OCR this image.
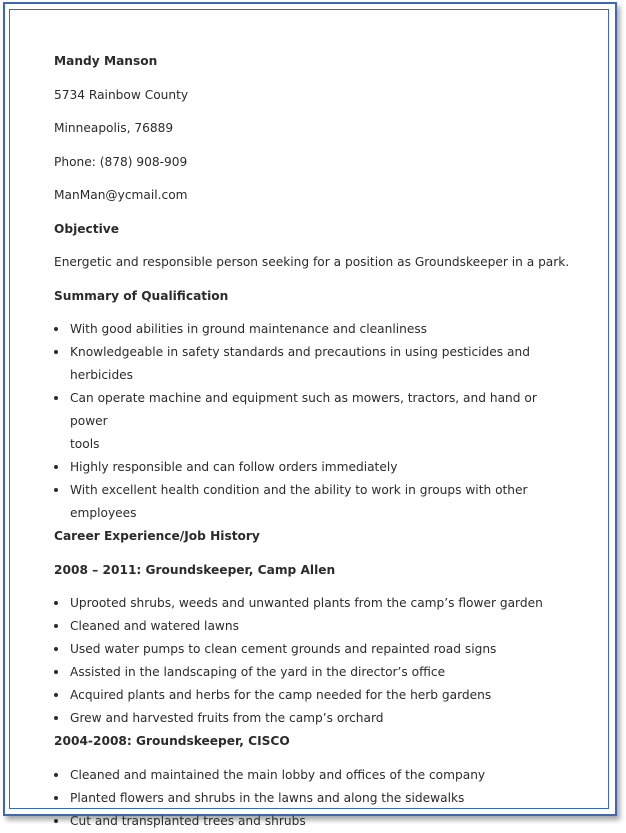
Mandy Manson
5734 Rainbow County
Minneapolis, 76889
Phone: (878) 908-909
ManMan@ycmail.com
Objective
Energetic and responsible person seeking for a position as Groundskeeper in a park.
Summary of Qualification
With good abilities in ground maintenance and cleanliness
Knowledgeable in safety standards and precautions in using pesticides and herbicides
Can operate machine and equipment such as mowers, tractors, and hand or power
tools
Highly responsible and can follow orders immediately
With excellent health condition and the ability to work in groups with other employees
Career Experience/Job History
2008 – 2011: Groundskeeper, Camp Allen
Uprooted shrubs, weeds and unwanted plants from the camp’s flower garden
Cleaned and watered lawns
Used water pumps to clean cement grounds and repainted road signs
Assisted in the landscaping of the yard in the director’s office
Acquired plants and herbs for the camp needed for the herb gardens
Grew and harvested fruits from the camp’s orchard
2004-2008: Groundskeeper, CISCO
Cleaned and maintained the main lobby and offices of the company
Planted flowers and shrubs in the lawns and along the sidewalks
Cut and transplanted trees and shrubs
